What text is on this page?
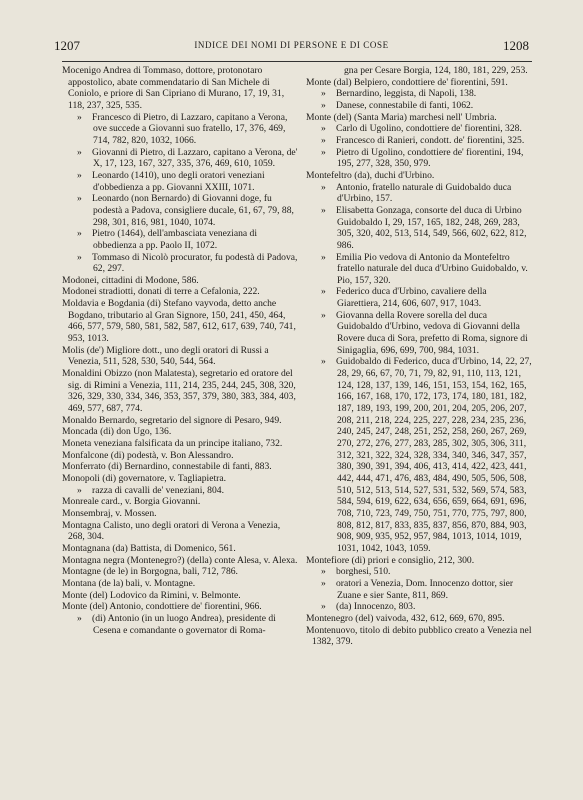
1207	INDICE DEI NOMI DI PERSONE E DI COSE	1208

Mocenigo Andrea di Tommaso, dottore, protonotaro appostolico, abate commendatario di San Michele di Coniolo, e priore di San Cipriano di Murano, 17, 19, 31, 118, 237, 325, 535.

» Francesco di Pietro, di Lazzaro, capitano a Verona, ove succede a Giovanni suo fratello, 17, 376, 469, 714, 782, 820, 1032, 1066.

» Giovanni di Pietro, di Lazzaro, capitano a Verona, de' X, 17, 123, 167, 327, 335, 376, 469, 610, 1059.

» Leonardo (1410), uno degli oratori veneziani d'obbedienza a pp. Giovanni XXIII, 1071.

» Leonardo (non Bernardo) di Giovanni doge, fu podestà a Padova, consigliere ducale, 61, 67, 79, 88, 298, 301, 816, 981, 1040, 1074.

» Pietro (1464), dell'ambasciata veneziana di obbedienza a pp. Paolo II, 1072.

» Tommaso di Nicolò procurator, fu podestà di Padova, 62, 297.

Modonei, cittadini di Modone, 586.

Modonei stradiotti, donati di terre a Cefalonia, 222.

Moldavia e Bogdania (di) Stefano vayvoda, detto anche Bogdano, tributario al Gran Signore, 150, 241, 450, 464, 466, 577, 579, 580, 581, 582, 587, 612, 617, 639, 740, 741, 953, 1013.

Molis (de') Migliore dott., uno degli oratori di Russi a Venezia, 511, 528, 530, 540, 544, 564.

Monaldini Obizzo (non Malatesta), segretario ed oratore del sig. di Rimini a Venezia, 111, 214, 235, 244, 245, 308, 320, 326, 329, 330, 334, 346, 353, 357, 379, 380, 383, 384, 403, 469, 577, 687, 774.

Monaldo Bernardo, segretario del signore di Pesaro, 949.

Moncada (di) don Ugo, 136.

Moneta veneziana falsificata da un principe italiano, 732.

Monfalcone (di) podestà, v. Bon Alessandro.

Monferrato (di) Bernardino, connestabile di fanti, 883.

Monopoli (di) governatore, v. Tagliapietra.

» razza di cavalli de' veneziani, 804.

Monreale card., v. Borgia Giovanni.

Monsembraj, v. Mossen.

Montagna Calisto, uno degli oratori di Verona a Venezia, 268, 304.

Montagnana (da) Battista, di Domenico, 561.

Montagna negra (Montenegro?) (della) conte Alesa, v. Alexa.

Montagne (de le) in Borgogna, bali, 712, 786.

Montana (de la) bali, v. Montagne.

Monte (del) Lodovico da Rimini, v. Belmonte.

Monte (del) Antonio, condottiere de' fiorentini, 966.

» (di) Antonio (in un luogo Andrea), presidente di Cesena e comandante o governator di Roma-

gna per Cesare Borgia, 124, 180, 181, 229, 253.

Monte (dal) Belpiero, condottiere de' fiorentini, 591.

» Bernardino, leggista, di Napoli, 138.

» Danese, connestabile di fanti, 1062.

Monte (del) (Santa Maria) marchesi nell' Umbria.

» Carlo di Ugolino, condottiere de' fiorentini, 328.

» Francesco di Ranieri, condott. de' fiorentini, 325.

» Pietro di Ugolino, condottiere de' fiorentini, 194, 195, 277, 328, 350, 979.

Montefeltro (da), duchi d'Urbino.

» Antonio, fratello naturale di Guidobaldo duca d'Urbino, 157.

» Elisabetta Gonzaga, consorte del duca di Urbino Guidobaldo I, 29, 157, 165, 182, 248, 269, 283, 305, 320, 402, 513, 514, 549, 566, 602, 622, 812, 986.

» Emilia Pio vedova di Antonio da Montefeltro fratello naturale del duca d'Urbino Guidobaldo, v. Pio, 157, 320.

» Federico duca d'Urbino, cavaliere della Giarettiera, 214, 606, 607, 917, 1043.

» Giovanna della Rovere sorella del duca Guidobaldo d'Urbino, vedova di Giovanni della Rovere duca di Sora, prefetto di Roma, signore di Sinigaglia, 696, 699, 700, 984, 1031.

» Guidobaldo di Federico, duca d'Urbino, 14, 22, 27, 28, 29, 66, 67, 70, 71, 79, 82, 91, 110, 113, 121, 124, 128, 137, 139, 146, 151, 153, 154, 162, 165, 166, 167, 168, 170, 172, 173, 174, 180, 181, 182, 187, 189, 193, 199, 200, 201, 204, 205, 206, 207, 208, 211, 218, 224, 225, 227, 228, 234, 235, 236, 240, 245, 247, 248, 251, 252, 258, 260, 267, 269, 270, 272, 276, 277, 283, 285, 302, 305, 306, 311, 312, 321, 322, 324, 328, 334, 340, 346, 347, 357, 380, 390, 391, 394, 406, 413, 414, 422, 423, 441, 442, 444, 471, 476, 483, 484, 490, 505, 506, 508, 510, 512, 513, 514, 527, 531, 532, 569, 574, 583, 584, 594, 619, 622, 634, 656, 659, 664, 691, 696, 708, 710, 723, 749, 750, 751, 770, 775, 797, 800, 808, 812, 817, 833, 835, 837, 856, 870, 884, 903, 908, 909, 935, 952, 957, 984, 1013, 1014, 1019, 1031, 1042, 1043, 1059.

Montefiore (di) priori e consiglio, 212, 300.

» borghesi, 510.

» oratori a Venezia, Dom. Innocenzo dottor, sier Zuane e sier Sante, 811, 869.

» (da) Innocenzo, 803.

Montenegro (del) vaivoda, 432, 612, 669, 670, 895.

Montenuovo, titolo di debito pubblico creato a Venezia nel 1382, 379.
